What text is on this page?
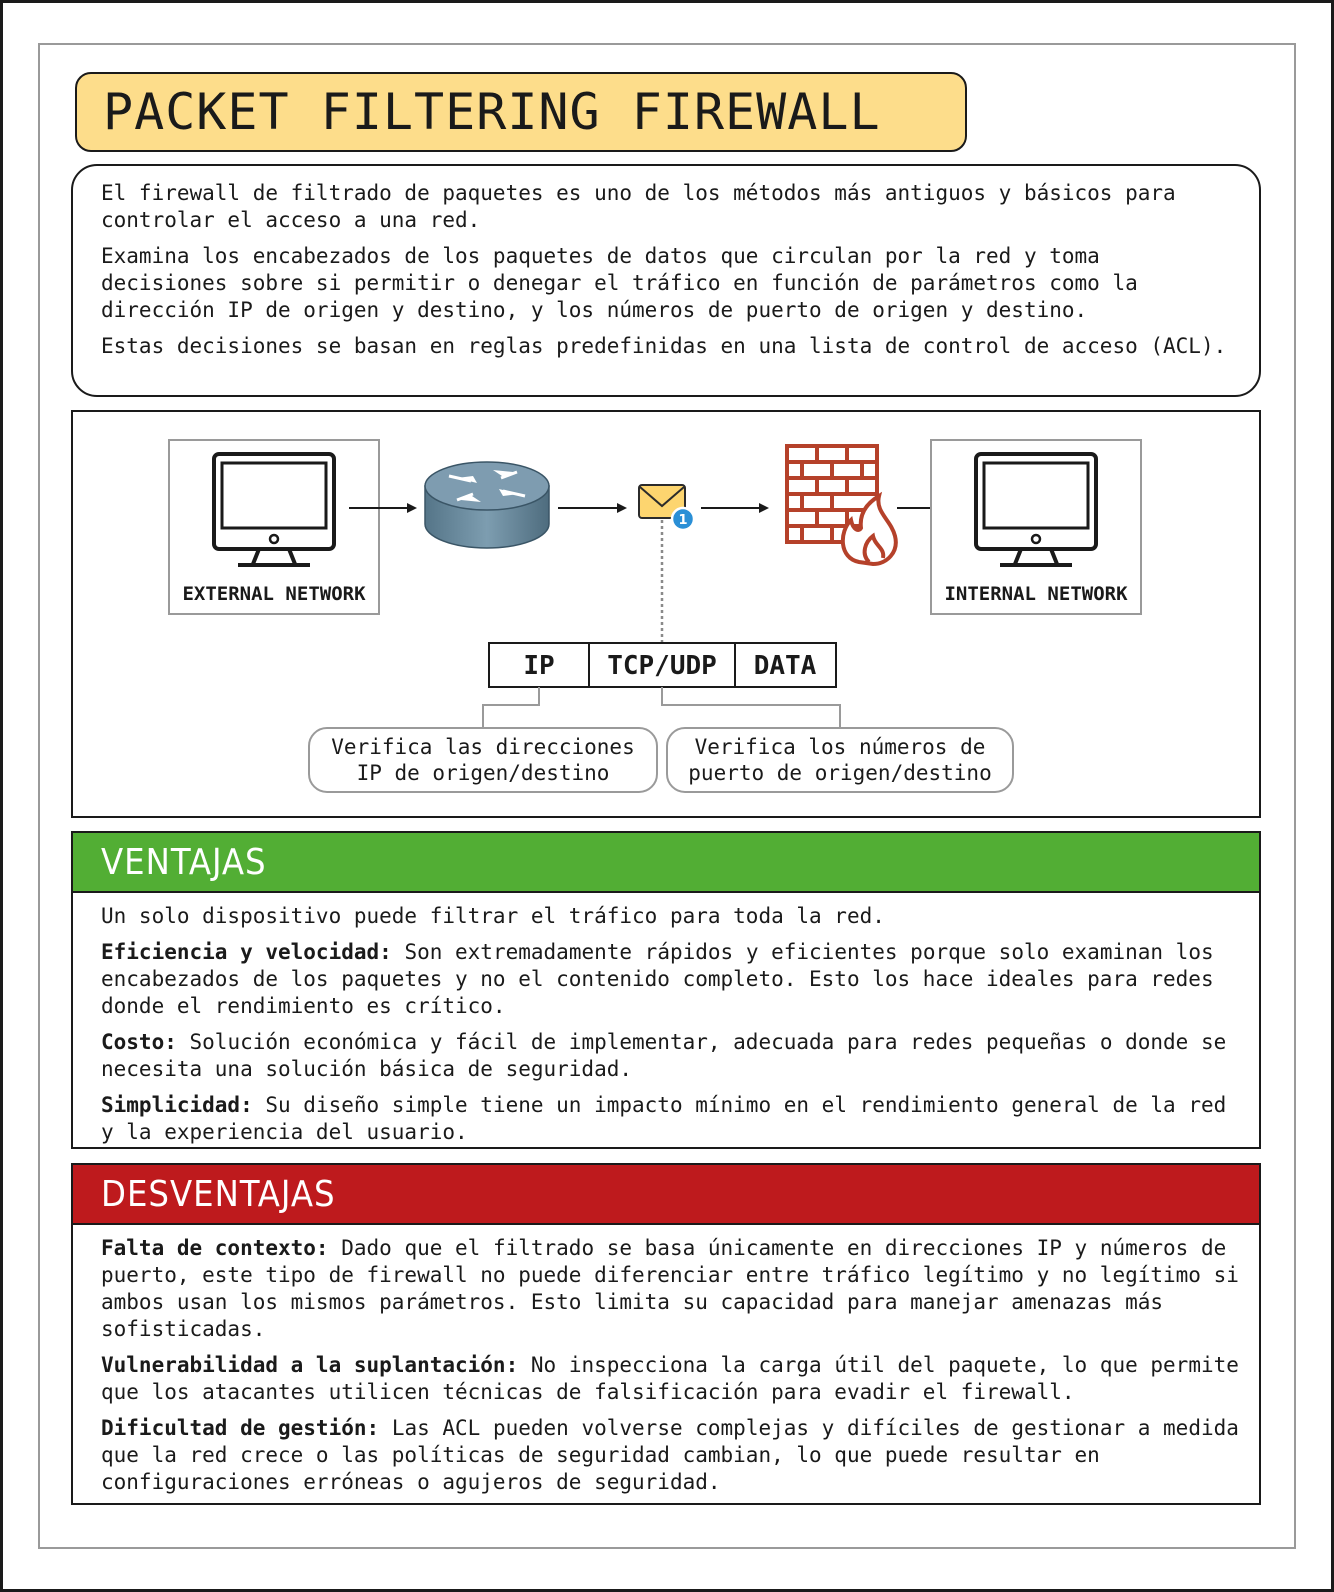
PACKET FILTERING FIREWALL

El firewall de filtrado de paquetes es uno de los métodos más antiguos y básicos para controlar el acceso a una red.

Examina los encabezados de los paquetes de datos que circulan por la red y toma decisiones sobre si permitir o denegar el tráfico en función de parámetros como la dirección IP de origen y destino, y los números de puerto de origen y destino.

Estas decisiones se basan en reglas predefinidas en una lista de control de acceso (ACL).

EXTERNAL NETWORK
1
INTERNAL NETWORK
IP TCP/UDP DATA
Verifica las direcciones
IP de origen/destino
Verifica los números de
puerto de origen/destino
VENTAJAS

Un solo dispositivo puede filtrar el tráfico para toda la red.

Eficiencia y velocidad: Son extremadamente rápidos y eficientes porque solo examinan los encabezados de los paquetes y no el contenido completo. Esto los hace ideales para redes donde el rendimiento es crítico.

Costo: Solución económica y fácil de implementar, adecuada para redes pequeñas o donde se necesita una solución básica de seguridad.

Simplicidad: Su diseño simple tiene un impacto mínimo en el rendimiento general de la red y la experiencia del usuario.

DESVENTAJAS

Falta de contexto: Dado que el filtrado se basa únicamente en direcciones IP y números de puerto, este tipo de firewall no puede diferenciar entre tráfico legítimo y no legítimo si ambos usan los mismos parámetros. Esto limita su capacidad para manejar amenazas más sofisticadas.

Vulnerabilidad a la suplantación: No inspecciona la carga útil del paquete, lo que permite que los atacantes utilicen técnicas de falsificación para evadir el firewall.

Dificultad de gestión: Las ACL pueden volverse complejas y difíciles de gestionar a medida que la red crece o las políticas de seguridad cambian, lo que puede resultar en configuraciones erróneas o agujeros de seguridad.
